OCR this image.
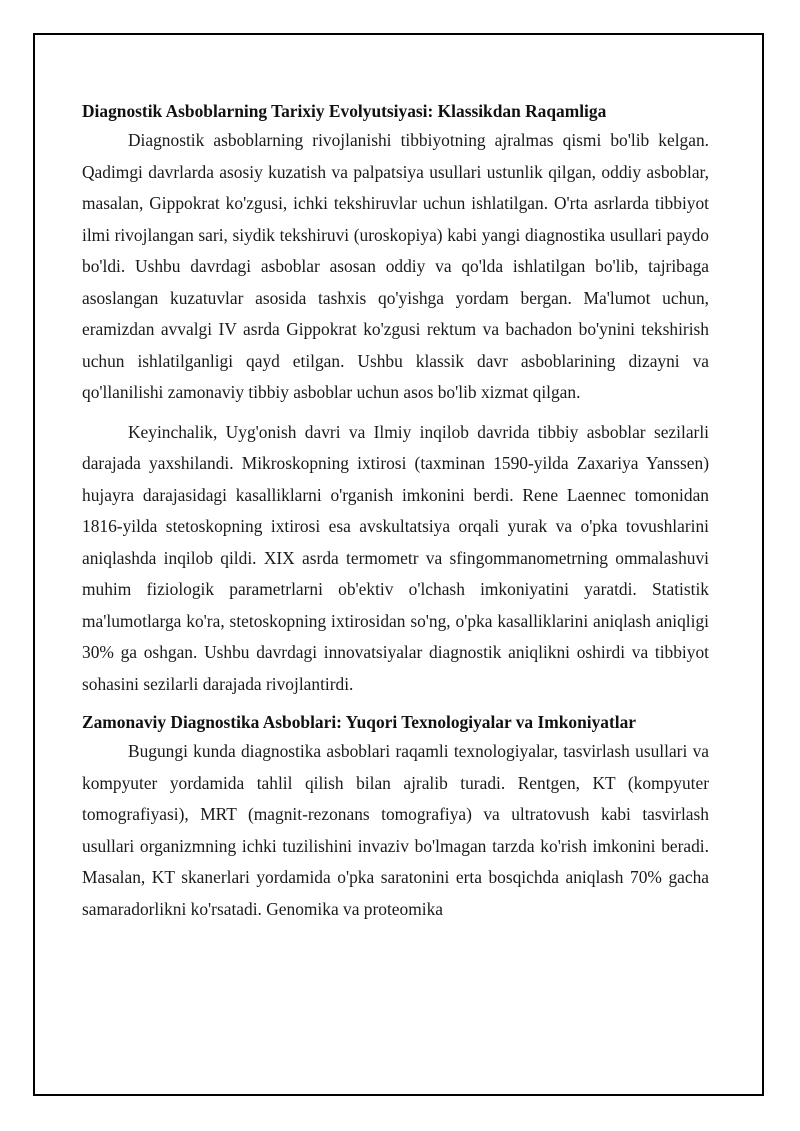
Diagnostik Asboblarning Tarixiy Evolyutsiyasi: Klassikdan Raqamliga

Diagnostik asboblarning rivojlanishi tibbiyotning ajralmas qismi bo'lib kelgan. Qadimgi davrlarda asosiy kuzatish va palpatsiya usullari ustunlik qilgan, oddiy asboblar, masalan, Gippokrat ko'zgusi, ichki tekshiruvlar uchun ishlatilgan. O'rta asrlarda tibbiyot ilmi rivojlangan sari, siydik tekshiruvi (uroskopiya) kabi yangi diagnostika usullari paydo bo'ldi. Ushbu davrdagi asboblar asosan oddiy va qo'lda ishlatilgan bo'lib, tajribaga asoslangan kuzatuvlar asosida tashxis qo'yishga yordam bergan. Ma'lumot uchun, eramizdan avvalgi IV asrda Gippokrat ko'zgusi rektum va bachadon bo'ynini tekshirish uchun ishlatilganligi qayd etilgan. Ushbu klassik davr asboblarining dizayni va qo'llanilishi zamonaviy tibbiy asboblar uchun asos bo'lib xizmat qilgan.

Keyinchalik, Uyg'onish davri va Ilmiy inqilob davrida tibbiy asboblar sezilarli darajada yaxshilandi. Mikroskopning ixtirosi (taxminan 1590-yilda Zaxariya Yanssen) hujayra darajasidagi kasalliklarni o'rganish imkonini berdi. Rene Laennec tomonidan 1816-yilda stetoskopning ixtirosi esa avskultatsiya orqali yurak va o'pka tovushlarini aniqlashda inqilob qildi. XIX asrda termometr va sfingommanometrning ommalashuvi muhim fiziologik parametrlarni ob'ektiv o'lchash imkoniyatini yaratdi. Statistik ma'lumotlarga ko'ra, stetoskopning ixtirosidan so'ng, o'pka kasalliklarini aniqlash aniqligi 30% ga oshgan. Ushbu davrdagi innovatsiyalar diagnostik aniqlikni oshirdi va tibbiyot sohasini sezilarli darajada rivojlantirdi.

Zamonaviy Diagnostika Asboblari: Yuqori Texnologiyalar va Imkoniyatlar

Bugungi kunda diagnostika asboblari raqamli texnologiyalar, tasvirlash usullari va kompyuter yordamida tahlil qilish bilan ajralib turadi. Rentgen, KT (kompyuter tomografiyasi), MRT (magnit-rezonans tomografiya) va ultratovush kabi tasvirlash usullari organizmning ichki tuzilishini invaziv bo'lmagan tarzda ko'rish imkonini beradi. Masalan, KT skanerlari yordamida o'pka saratonini erta bosqichda aniqlash 70% gacha samaradorlikni ko'rsatadi. Genomika va proteomika
